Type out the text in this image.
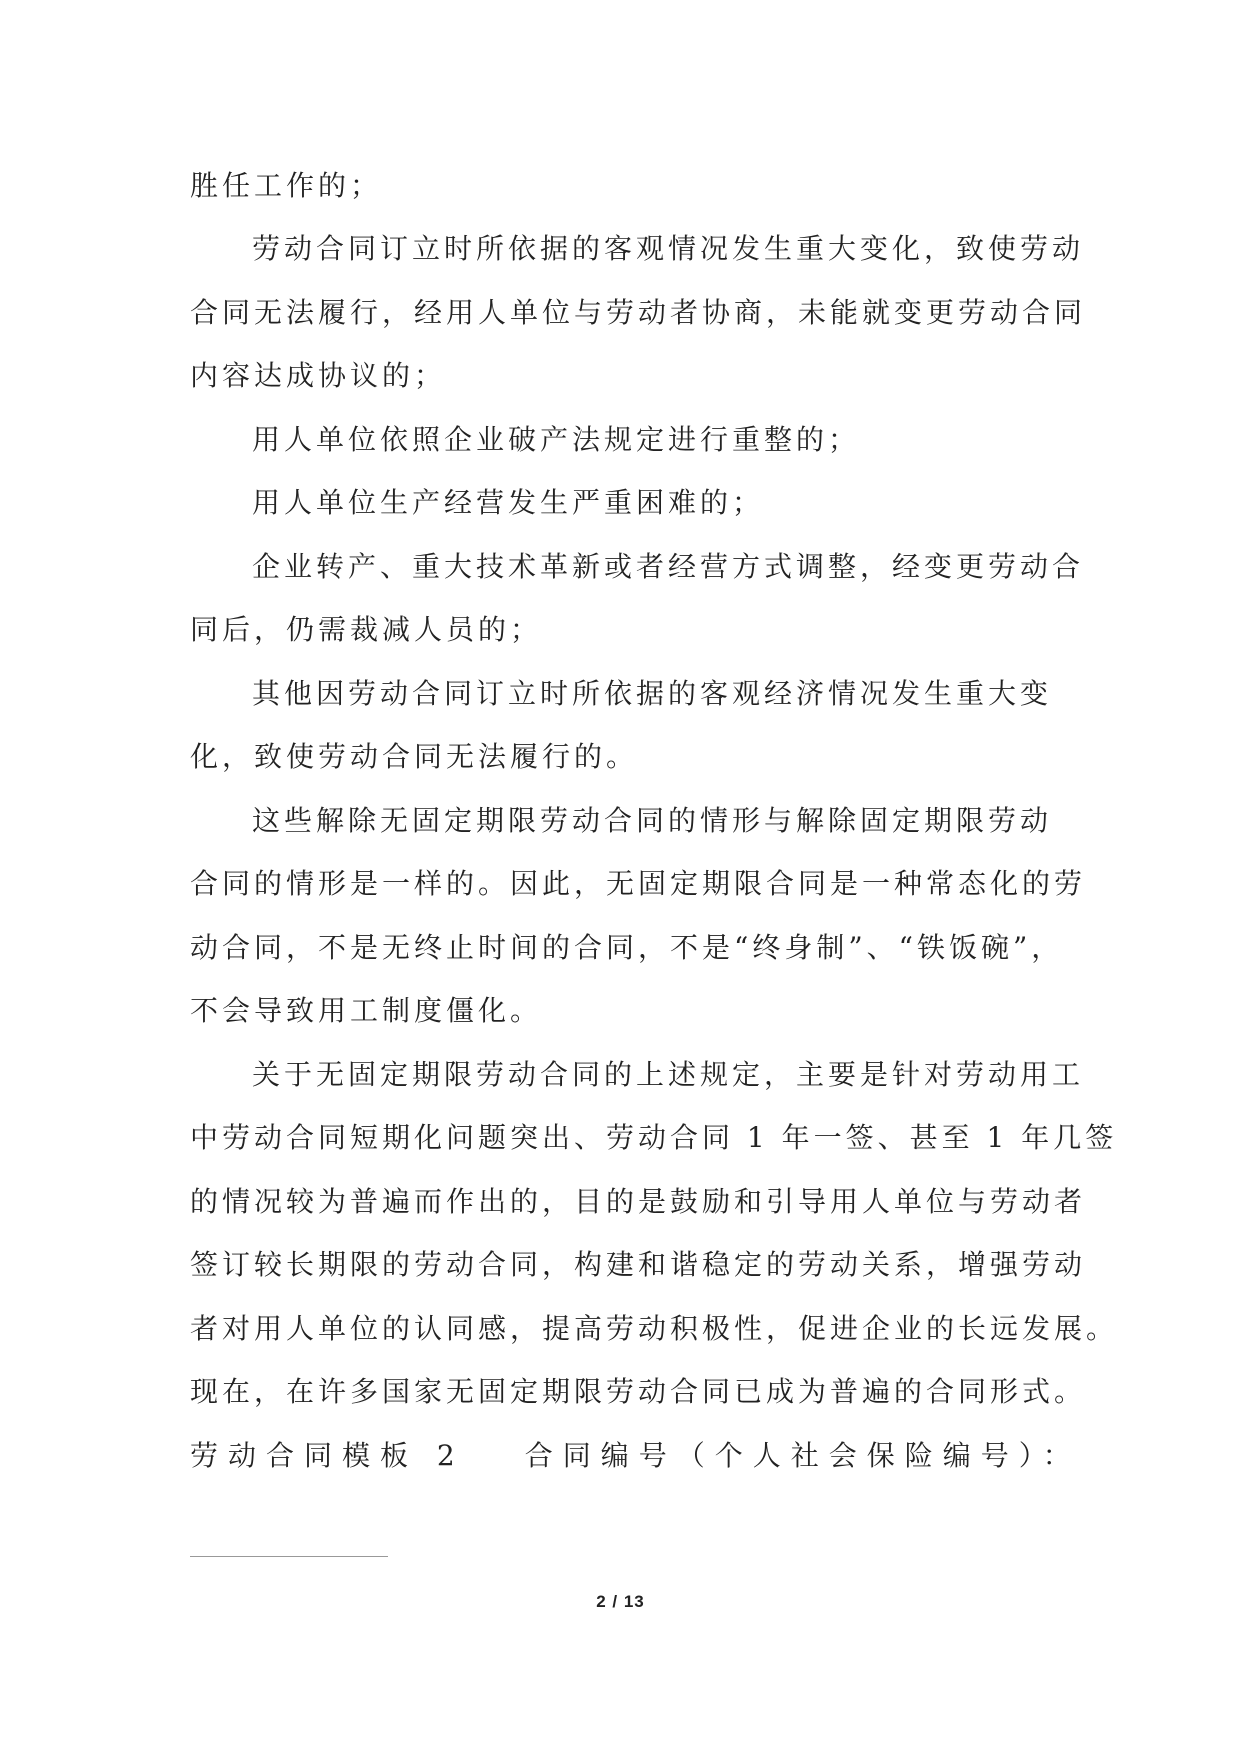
胜任工作的；
劳动合同订立时所依据的客观情况发生重大变化，致使劳动
合同无法履行，经用人单位与劳动者协商，未能就变更劳动合同
内容达成协议的；
用人单位依照企业破产法规定进行重整的；
用人单位生产经营发生严重困难的；
企业转产、重大技术革新或者经营方式调整，经变更劳动合
同后，仍需裁减人员的；
其他因劳动合同订立时所依据的客观经济情况发生重大变
化，致使劳动合同无法履行的。
这些解除无固定期限劳动合同的情形与解除固定期限劳动
合同的情形是一样的。因此，无固定期限合同是一种常态化的劳
动合同，不是无终止时间的合同，不是“终身制”、“铁饭碗”，
不会导致用工制度僵化。
关于无固定期限劳动合同的上述规定，主要是针对劳动用工
中劳动合同短期化问题突出、劳动合同 1 年一签、甚至 1 年几签
的情况较为普遍而作出的，目的是鼓励和引导用人单位与劳动者
签订较长期限的劳动合同，构建和谐稳定的劳动关系，增强劳动
者对用人单位的认同感，提高劳动积极性，促进企业的长远发展。
现在，在许多国家无固定期限劳动合同已成为普遍的合同形式。
劳动合同模板 2 合同编号（个人社会保险编号）：
2 / 13
